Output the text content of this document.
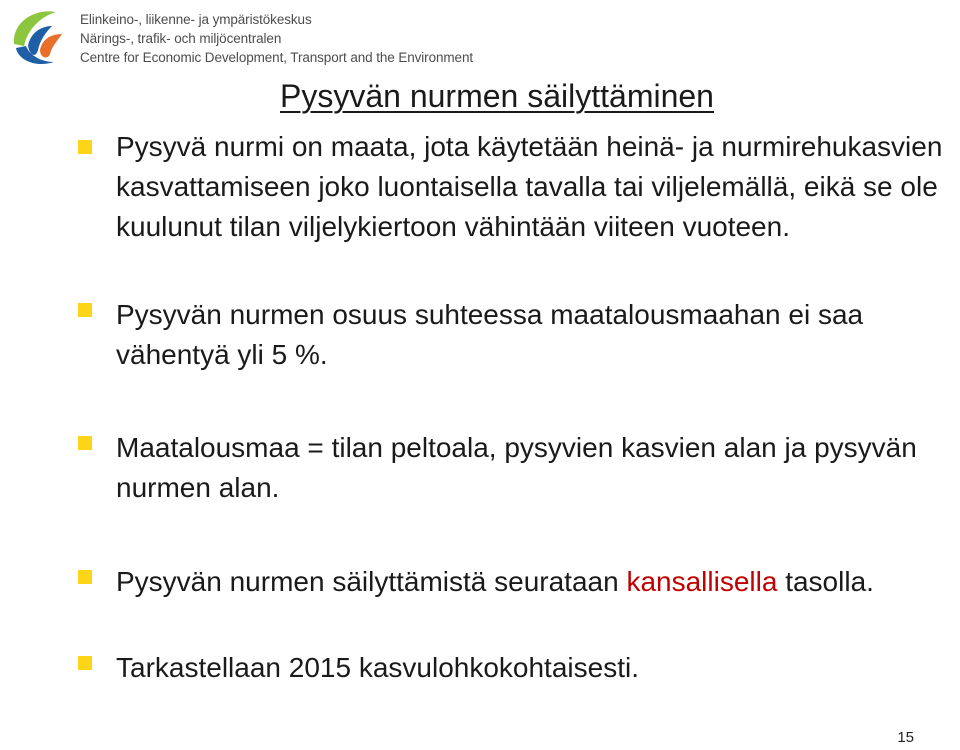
Elinkeino-, liikenne- ja ympäristökeskus
Närings-, trafik- och miljöcentralen
Centre for Economic Development, Transport and the Environment
Pysyvän nurmen säilyttäminen
Pysyvä nurmi on maata, jota käytetään heinä- ja nurmirehukasvien kasvattamiseen joko luontaisella tavalla tai viljelemällä, eikä se ole kuulunut tilan viljelykiertoon vähintään viiteen vuoteen.
Pysyvän nurmen osuus suhteessa maatalousmaahan ei saa vähentyä yli 5 %.
Maatalousmaa = tilan peltoala, pysyvien kasvien alan ja pysyvän nurmen alan.
Pysyvän nurmen säilyttämistä seurataan kansallisella tasolla.
Tarkastellaan 2015 kasvulohkokohtaisesti.
15
